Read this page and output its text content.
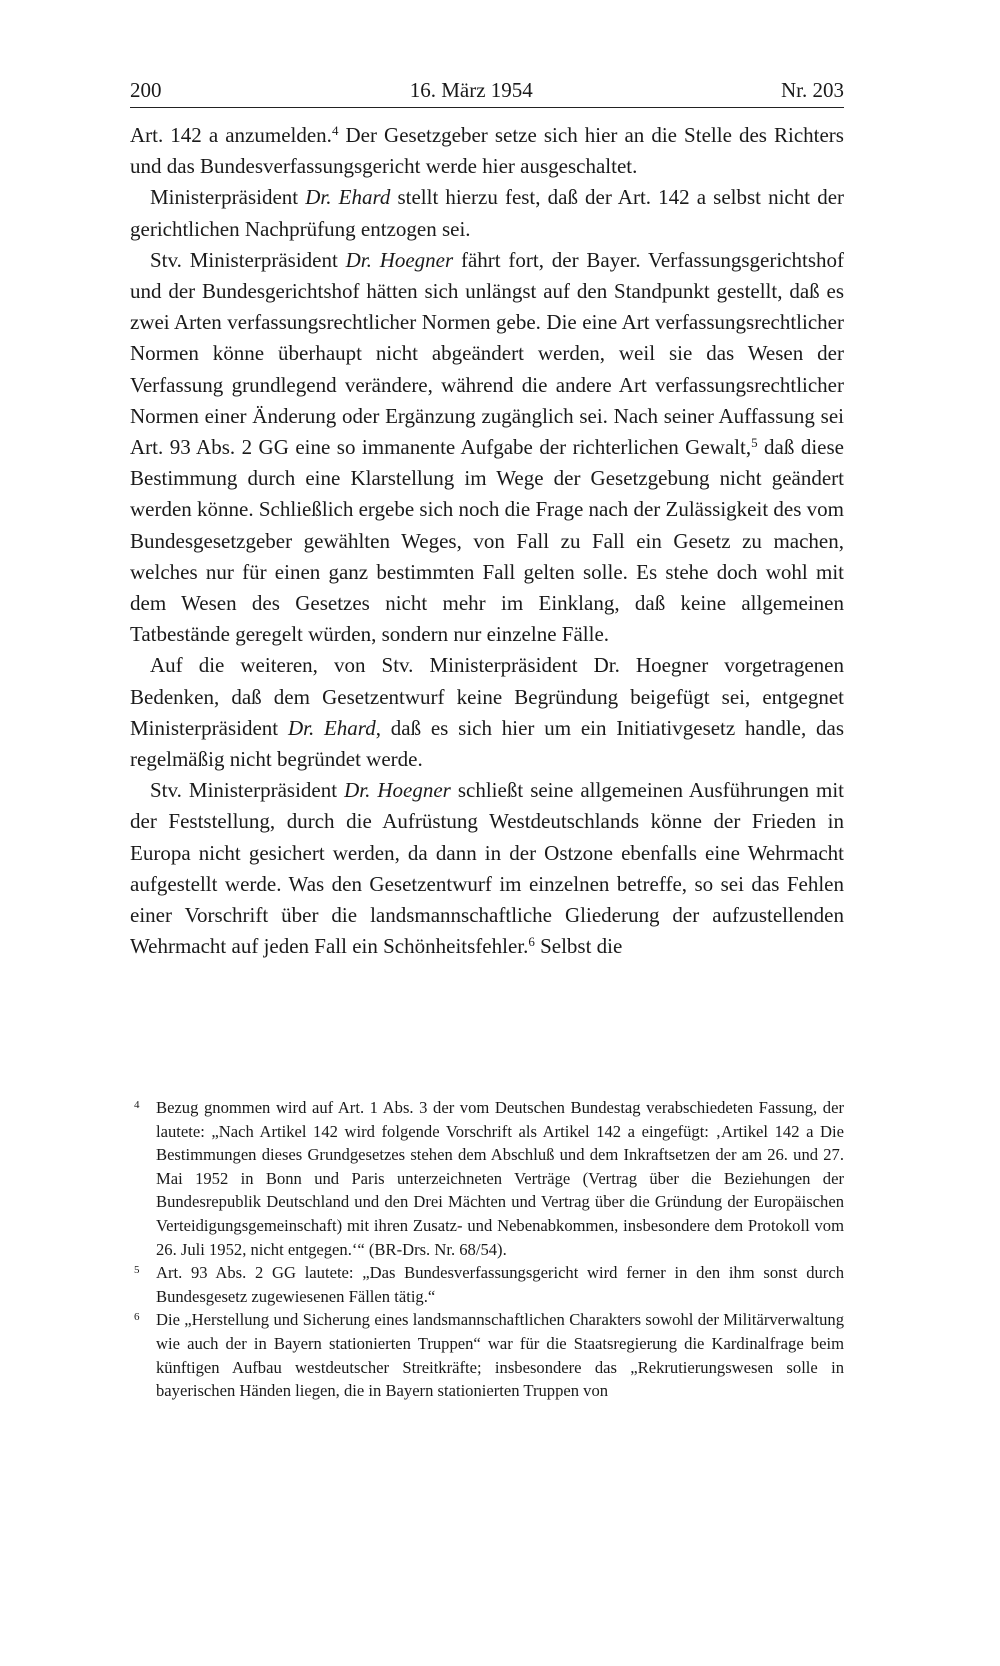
200	16. März 1954	Nr. 203

Art. 142 a anzumelden.$^4$ Der Gesetzgeber setze sich hier an die Stelle des Richters und das Bundesverfassungsgericht werde hier ausgeschaltet.

Ministerpräsident Dr. Ehard stellt hierzu fest, daß der Art. 142 a selbst nicht der gerichtlichen Nachprüfung entzogen sei.

Stv. Ministerpräsident Dr. Hoegner fährt fort, der Bayer. Verfassungsgerichtshof und der Bundesgerichtshof hätten sich unlängst auf den Standpunkt gestellt, daß es zwei Arten verfassungsrechtlicher Normen gebe. Die eine Art verfassungsrechtlicher Normen könne überhaupt nicht abgeändert werden, weil sie das Wesen der Verfassung grundlegend verändere, während die andere Art verfassungsrechtlicher Normen einer Änderung oder Ergänzung zugänglich sei. Nach seiner Auffassung sei Art. 93 Abs. 2 GG eine so immanente Aufgabe der richterlichen Gewalt,$^5$ daß diese Bestimmung durch eine Klarstellung im Wege der Gesetzgebung nicht geändert werden könne. Schließlich ergebe sich noch die Frage nach der Zulässigkeit des vom Bundesgesetzgeber gewählten Weges, von Fall zu Fall ein Gesetz zu machen, welches nur für einen ganz bestimmten Fall gelten solle. Es stehe doch wohl mit dem Wesen des Gesetzes nicht mehr im Einklang, daß keine allgemeinen Tatbestände geregelt würden, sondern nur einzelne Fälle.

Auf die weiteren, von Stv. Ministerpräsident Dr. Hoegner vorgetragenen Bedenken, daß dem Gesetzentwurf keine Begründung beigefügt sei, entgegnet Ministerpräsident Dr. Ehard, daß es sich hier um ein Initiativgesetz handle, das regelmäßig nicht begründet werde.

Stv. Ministerpräsident Dr. Hoegner schließt seine allgemeinen Ausführungen mit der Feststellung, durch die Aufrüstung Westdeutschlands könne der Frieden in Europa nicht gesichert werden, da dann in der Ostzone ebenfalls eine Wehrmacht aufgestellt werde. Was den Gesetzentwurf im einzelnen betreffe, so sei das Fehlen einer Vorschrift über die landsmannschaftliche Gliederung der aufzustellenden Wehrmacht auf jeden Fall ein Schönheitsfehler.$^6$ Selbst die

4 Bezug gnommen wird auf Art. 1 Abs. 3 der vom Deutschen Bundestag verabschiedeten Fassung, der lautete: „Nach Artikel 142 wird folgende Vorschrift als Artikel 142 a eingefügt: ‚Artikel 142 a Die Bestimmungen dieses Grundgesetzes stehen dem Abschluß und dem Inkraftsetzen der am 26. und 27. Mai 1952 in Bonn und Paris unterzeichneten Verträge (Vertrag über die Beziehungen der Bundesrepublik Deutschland und den Drei Mächten und Vertrag über die Gründung der Europäischen Verteidigungsgemeinschaft) mit ihren Zusatz- und Nebenabkommen, insbesondere dem Protokoll vom 26. Juli 1952, nicht entgegen.‘“ (BR-Drs. Nr. 68/54).
5 Art. 93 Abs. 2 GG lautete: „Das Bundesverfassungsgericht wird ferner in den ihm sonst durch Bundesgesetz zugewiesenen Fällen tätig.“
6 Die „Herstellung und Sicherung eines landsmannschaftlichen Charakters sowohl der Militärverwaltung wie auch der in Bayern stationierten Truppen“ war für die Staatsregierung die Kardinalfrage beim künftigen Aufbau westdeutscher Streitkräfte; insbesondere das „Rekrutierungswesen solle in bayerischen Händen liegen, die in Bayern stationierten Truppen von
